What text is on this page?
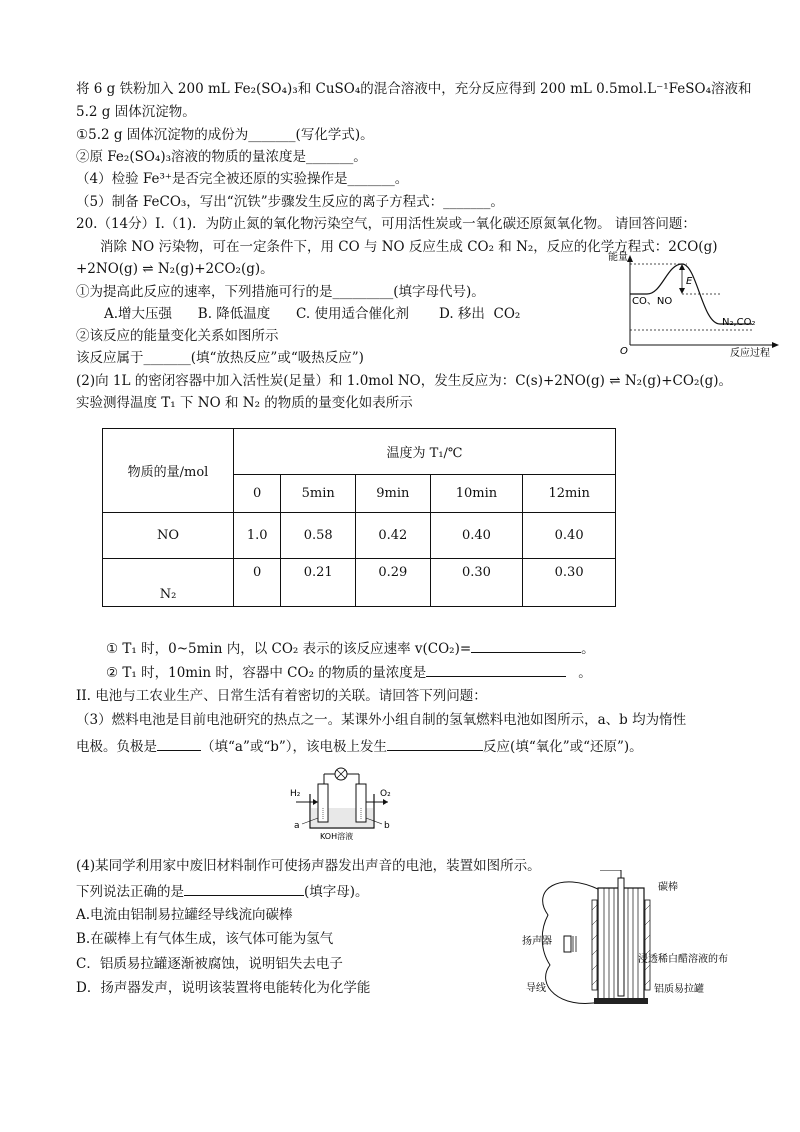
将 6 g 铁粉加入 200 mL Fe₂(SO₄)₃和 CuSO₄的混合溶液中，充分反应得到 200 mL 0.5mol.L⁻¹FeSO₄溶液和
5.2 g 固体沉淀物。
①5.2 g 固体沉淀物的成份为_______(写化学式)。
②原 Fe₂(SO₄)₃溶液的物质的量浓度是_______。
（4）检验 Fe³⁺是否完全被还原的实验操作是_______。
（5）制备 FeCO₃，写出“沉铁”步骤发生反应的离子方程式：_______。
20.（14分）Ⅰ.（1)．为防止氮的氧化物污染空气，可用活性炭或一氧化碳还原氮氧化物。 请回答问题：
消除 NO 污染物，可在一定条件下，用 CO 与 NO 反应生成 CO₂ 和 N₂，反应的化学方程式：2CO(g)
+2NO(g) ⇌ N₂(g)+2CO₂(g)。
①为提高此反应的速率，下列措施可行的是_________(填字母代号)。
A.增大压强      B. 降低温度      C. 使用适合催化剂       D. 移出  CO₂
②该反应的能量变化关系如图所示
该反应属于_______(填“放热反应”或“吸热反应”)
(2)向 1L 的密闭容器中加入活性炭(足量）和 1.0mol NO，发生反应为：C(s)+2NO(g) ⇌ N₂(g)+CO₂(g)。
实验测得温度 T₁ 下 NO 和 N₂ 的物质的量变化如表所示
能量
CO、NO
N₂,CO₂
E
O	反应过程
物质的量/mol	温度为 T₁/℃				
	0	5min	9min	10min	12min
NO	1.0	0.58	0.42	0.40	0.40
N₂	0	0.21	0.29	0.30	0.30
① T₁ 时，0~5min 内，以 CO₂ 表示的该反应速率 v(CO₂)=	。
② T₁ 时，10min 时，容器中 CO₂ 的物质的量浓度是	。
II. 电池与工农业生产、日常生活有着密切的关联。请回答下列问题：
（3）燃料电池是目前电池研究的热点之一。某课外小组自制的氢氧燃料电池如图所示，a、b 均为惰性
电极。负极是	（填“a”或“b”），该电极上发生	反应(填“氧化”或“还原”)。
H₂	O₂
a	b
KOH溶液
(4)某同学利用家中废旧材料制作可使扬声器发出声音的电池，装置如图所示。
下列说法正确的是	(填字母)。
A.电流由铝制易拉罐经导线流向碳棒
B.在碳棒上有气体生成，该气体可能为氢气
C．铝质易拉罐逐渐被腐蚀，说明铝失去电子
D．扬声器发声，说明该装置将电能转化为化学能
碳棒
扬声器
浸透稀白醋溶液的布
导线	铝质易拉罐
